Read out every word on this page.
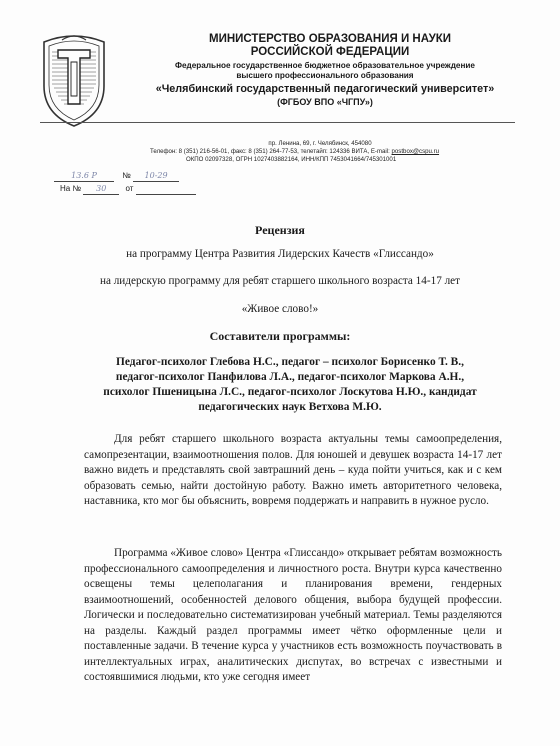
МИНИСТЕРСТВО ОБРАЗОВАНИЯ И НАУКИ
РОССИЙСКОЙ ФЕДЕРАЦИИ
Федеральное государственное бюджетное образовательное учреждение
высшего профессионального образования
«Челябинский государственный педагогический университет»
(ФГБОУ ВПО «ЧГПУ»)
пр. Ленина, 69, г. Челябинск, 454080
Телефон: 8 (351) 216-56-01, факс: 8 (351) 264-77-53, телетайп: 124336 ВИТА, E-mail: postbox@cspu.ru
ОКПО 02097328, ОГРН 1027403882164, ИНН/КПП 7453041664/745301001
13.6 Р	№ 10-29
На № 30 от
Рецензия
на программу Центра Развития Лидерских Качеств «Глиссандо»
на лидерскую программу для ребят старшего школьного возраста 14-17 лет
«Живое слово!»
Составители программы:
Педагог-психолог Глебова Н.С., педагог – психолог Борисенко Т. В.,
педагог-психолог Панфилова Л.А., педагог-психолог Маркова А.Н.,
психолог Пшеницына Л.С., педагог-психолог Лоскутова Н.Ю., кандидат
педагогических наук Ветхова М.Ю.
Для ребят старшего школьного возраста актуальны темы самоопределения, самопрезентации, взаимоотношения полов. Для юношей и девушек возраста 14-17 лет важно видеть и представлять свой завтрашний день – куда пойти учиться, как и с кем образовать семью, найти достойную работу. Важно иметь авторитетного человека, наставника, кто мог бы объяснить, вовремя поддержать и направить в нужное русло.
Программа «Живое слово» Центра «Глиссандо» открывает ребятам возможность профессионального самоопределения и личностного роста. Внутри курса качественно освещены темы целеполагания и планирования времени, гендерных взаимоотношений, особенностей делового общения, выбора будущей профессии. Логически и последовательно систематизирован учебный материал. Темы разделяются на разделы. Каждый раздел программы имеет чётко оформленные цели и поставленные задачи. В течение курса у участников есть возможность поучаствовать в интеллектуальных играх, аналитических диспутах, во встречах с известными и состоявшимися людьми, кто уже сегодня имеет
